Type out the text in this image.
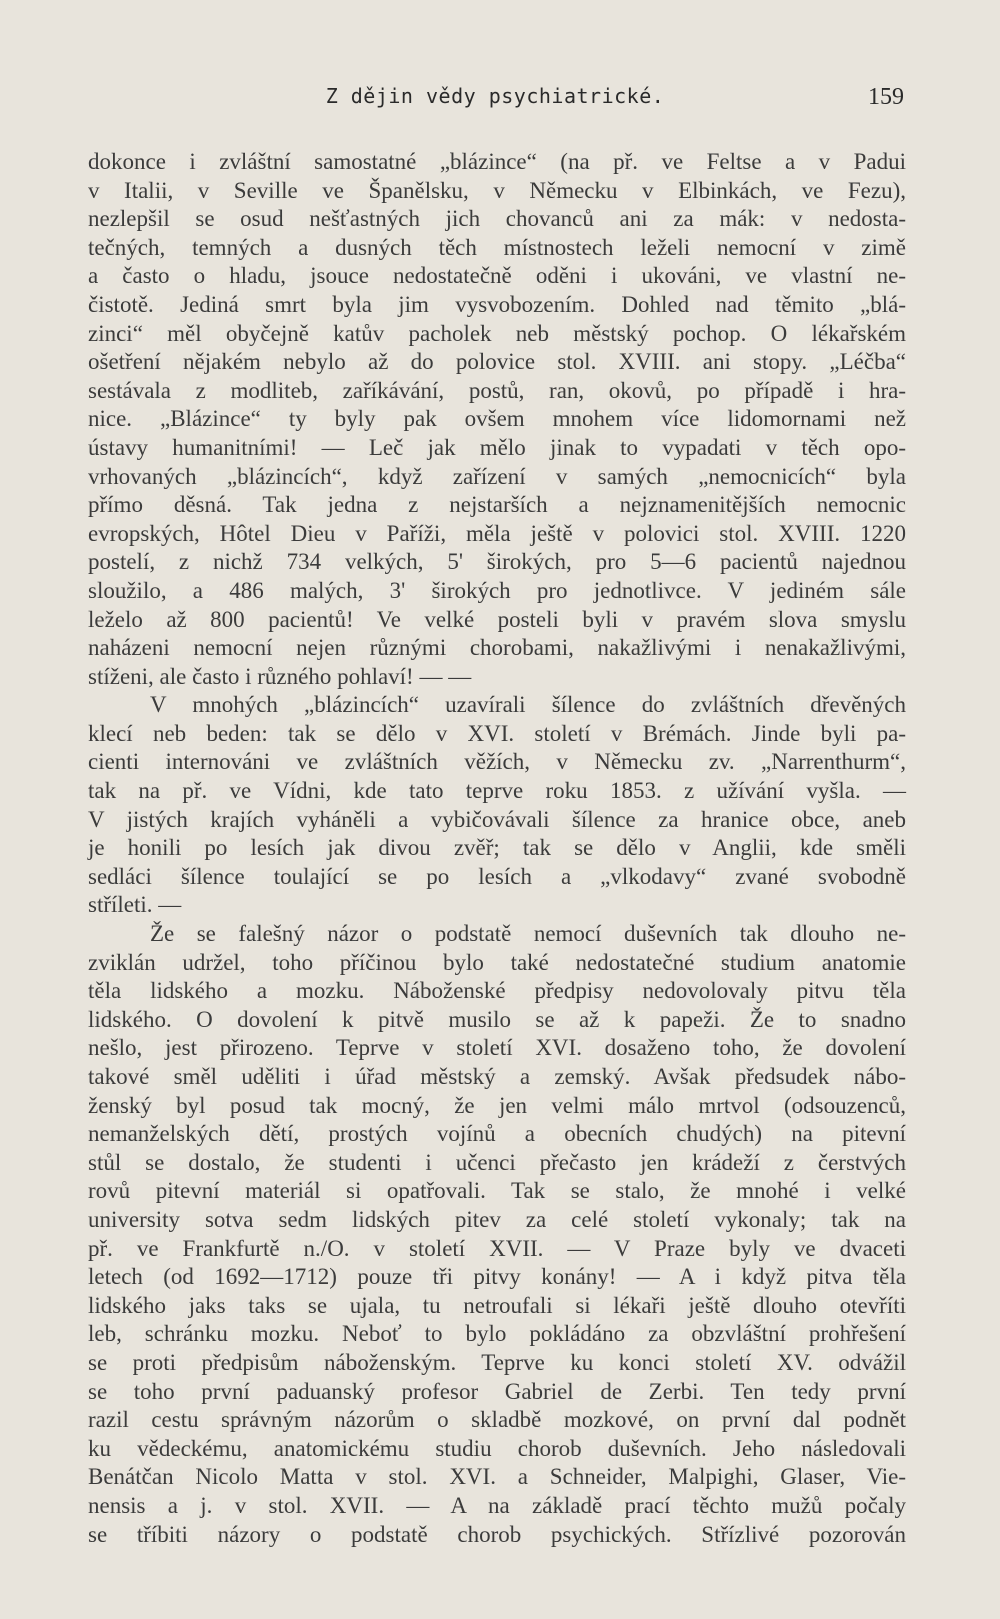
Z dějin vědy psychiatrické.	159
dokonce i zvláštní samostatné „blázince“ (na př. ve Feltse a v Padui
v Italii, v Seville ve Španělsku, v Německu v Elbinkách, ve Fezu),
nezlepšil se osud nešťastných jich chovanců ani za mák: v nedosta-
tečných, temných a dusných těch místnostech leželi nemocní v zimě
a často o hladu, jsouce nedostatečně oděni i ukováni, ve vlastní ne-
čistotě. Jediná smrt byla jim vysvobozením. Dohled nad těmito „blá-
zinci“ měl obyčejně katův pacholek neb městský pochop. O lékařském
ošetření nějakém nebylo až do polovice stol. XVIII. ani stopy. „Léčba“
sestávala z modliteb, zaříkávání, postů, ran, okovů, po případě i hra-
nice. „Blázince“ ty byly pak ovšem mnohem více lidomornami než
ústavy humanitními! — Leč jak mělo jinak to vypadati v těch opo-
vrhovaných „blázincích“, když zařízení v samých „nemocnicích“ byla
přímo děsná. Tak jedna z nejstarších a nejznamenitějších nemocnic
evropských, Hôtel Dieu v Paříži, měla ještě v polovici stol. XVIII. 1220
postelí, z nichž 734 velkých, 5' širokých, pro 5—6 pacientů najednou
sloužilo, a 486 malých, 3' širokých pro jednotlivce. V jediném sále
leželo až 800 pacientů! Ve velké posteli byli v pravém slova smyslu
naházeni nemocní nejen různými chorobami, nakažlivými i nenakažlivými,
stíženi, ale často i různého pohlaví! — —
V mnohých „blázincích“ uzavírali šílence do zvláštních dřevěných
klecí neb beden: tak se dělo v XVI. století v Brémách. Jinde byli pa-
cienti internováni ve zvláštních věžích, v Německu zv. „Narrenthurm“,
tak na př. ve Vídni, kde tato teprve roku 1853. z užívání vyšla. —
V jistých krajích vyháněli a vybičovávali šílence za hranice obce, aneb
je honili po lesích jak divou zvěř; tak se dělo v Anglii, kde směli
sedláci šílence toulající se po lesích a „vlkodavy“ zvané svobodně
stříleti. —
Že se falešný názor o podstatě nemocí duševních tak dlouho ne-
zviklán udržel, toho příčinou bylo také nedostatečné studium anatomie
těla lidského a mozku. Náboženské předpisy nedovolovaly pitvu těla
lidského. O dovolení k pitvě musilo se až k papeži. Že to snadno
nešlo, jest přirozeno. Teprve v století XVI. dosaženo toho, že dovolení
takové směl uděliti i úřad městský a zemský. Avšak předsudek nábo-
ženský byl posud tak mocný, že jen velmi málo mrtvol (odsouzenců,
nemanželských dětí, prostých vojínů a obecních chudých) na pitevní
stůl se dostalo, že studenti i učenci přečasto jen krádeží z čerstvých
rovů pitevní materiál si opatřovali. Tak se stalo, že mnohé i velké
university sotva sedm lidských pitev za celé století vykonaly; tak na
př. ve Frankfurtě n./O. v století XVII. — V Praze byly ve dvaceti
letech (od 1692—1712) pouze tři pitvy konány! — A i když pitva těla
lidského jaks taks se ujala, tu netroufali si lékaři ještě dlouho otevříti
leb, schránku mozku. Neboť to bylo pokládáno za obzvláštní prohřešení
se proti předpisům náboženským. Teprve ku konci století XV. odvážil
se toho první paduanský profesor Gabriel de Zerbi. Ten tedy první
razil cestu správným názorům o skladbě mozkové, on první dal podnět
ku vědeckému, anatomickému studiu chorob duševních. Jeho následovali
Benátčan Nicolo Matta v stol. XVI. a Schneider, Malpighi, Glaser, Vie-
nensis a j. v stol. XVII. — A na základě prací těchto mužů počaly
se tříbiti názory o podstatě chorob psychických. Střízlivé pozorován
